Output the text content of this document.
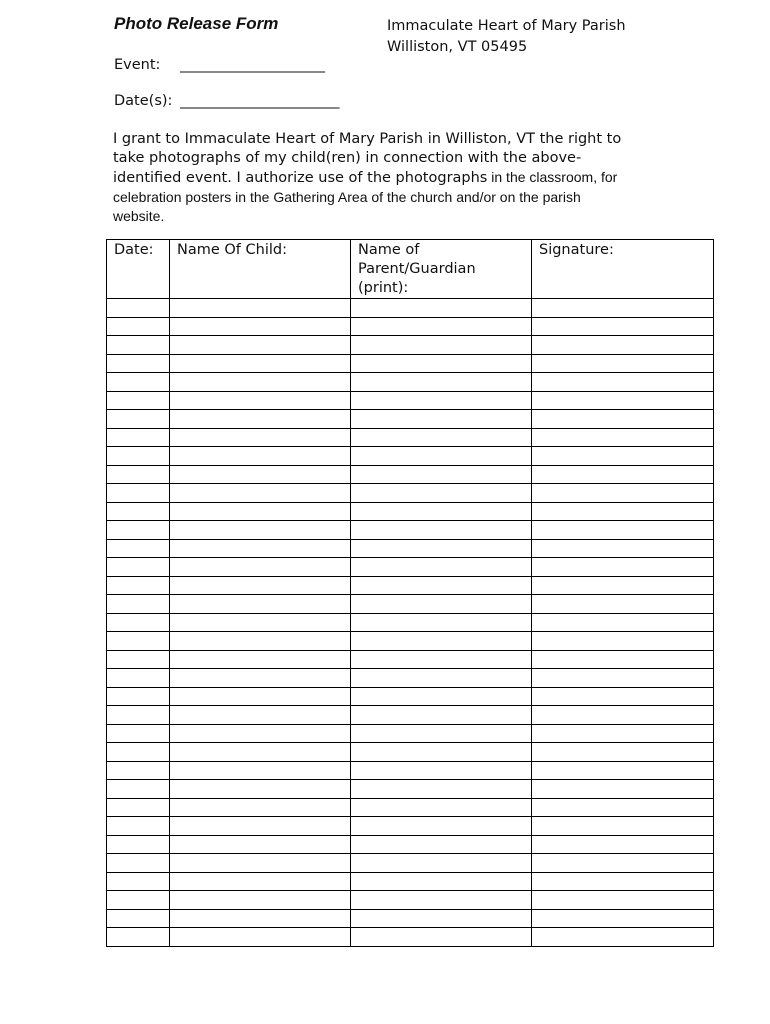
Photo Release Form	Immaculate Heart of Mary Parish
Williston, VT 05495
Event: ____________________
Date(s): ______________________
I grant to Immaculate Heart of Mary Parish in Williston, VT the right to
take photographs of my child(ren) in connection with the above-
identified event. I authorize use of the photographs in the classroom, for
celebration posters in the Gathering Area of the church and/or on the parish
website.
Date:	Name Of Child:	Name of
Parent/Guardian
(print):	Signature:
